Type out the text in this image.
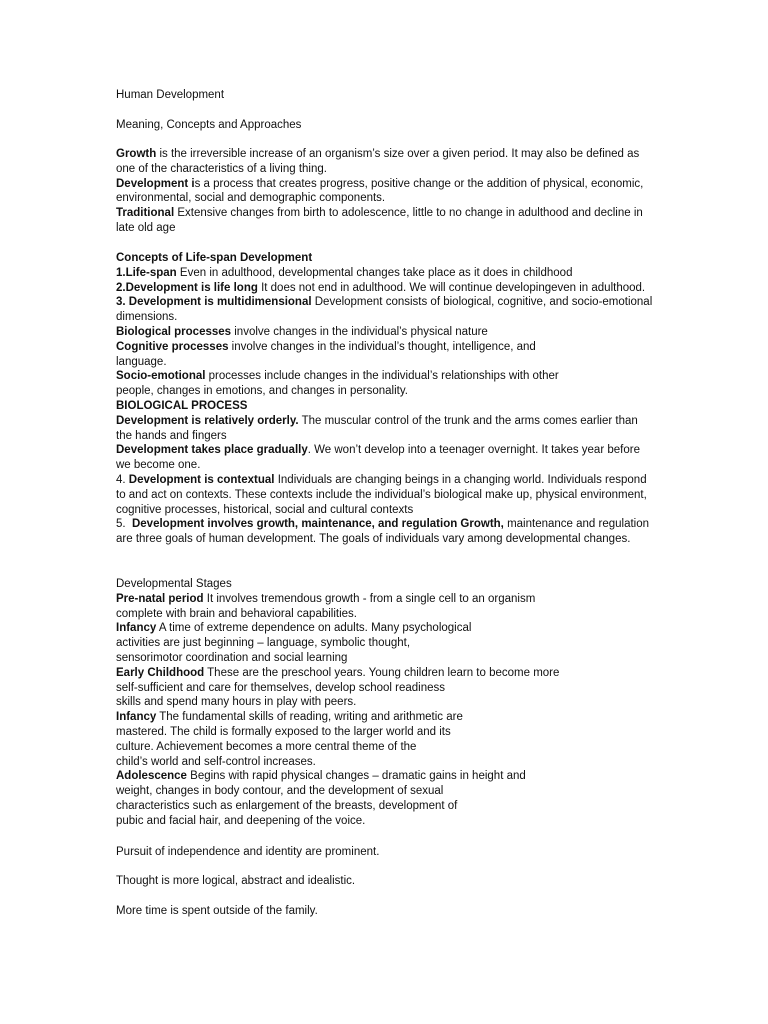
Human Development

Meaning, Concepts and Approaches

Growth is the irreversible increase of an organism’s size over a given period. It may also be defined as one of the characteristics of a living thing.

Development is a process that creates progress, positive change or the addition of physical, economic, environmental, social and demographic components.

Traditional Extensive changes from birth to adolescence, little to no change in adulthood and decline in late old age

Concepts of Life-span Development

1.Life-span Even in adulthood, developmental changes take place as it does in childhood

2.Development is life long It does not end in adulthood. We will continue developingeven in adulthood.

3. Development is multidimensional Development consists of biological, cognitive, and socio-emotional dimensions.

Biological processes involve changes in the individual’s physical nature

Cognitive processes involve changes in the individual’s thought, intelligence, and language.

Socio-emotional processes include changes in the individual’s relationships with other people, changes in emotions, and changes in personality.

BIOLOGICAL PROCESS

Development is relatively orderly. The muscular control of the trunk and the arms comes earlier than the hands and fingers

Development takes place gradually. We won’t develop into a teenager overnight. It takes year before we become one.

4. Development is contextual Individuals are changing beings in a changing world. Individuals respond to and act on contexts. These contexts include the individual’s biological make up, physical environment, cognitive processes, historical, social and cultural contexts

5.  Development involves growth, maintenance, and regulation Growth, maintenance and regulation are three goals of human development. The goals of individuals vary among developmental changes.

Developmental Stages

Pre-natal period It involves tremendous growth - from a single cell to an organism
complete with brain and behavioral capabilities.

Infancy A time of extreme dependence on adults. Many psychological
activities are just beginning – language, symbolic thought,
sensorimotor coordination and social learning

Early Childhood These are the preschool years. Young children learn to become more
self-sufficient and care for themselves, develop school readiness
skills and spend many hours in play with peers.

Infancy The fundamental skills of reading, writing and arithmetic are
mastered. The child is formally exposed to the larger world and its
culture. Achievement becomes a more central theme of the
child’s world and self-control increases.

Adolescence Begins with rapid physical changes – dramatic gains in height and
weight, changes in body contour, and the development of sexual
characteristics such as enlargement of the breasts, development of
pubic and facial hair, and deepening of the voice.

Pursuit of independence and identity are prominent.

Thought is more logical, abstract and idealistic.

More time is spent outside of the family.
